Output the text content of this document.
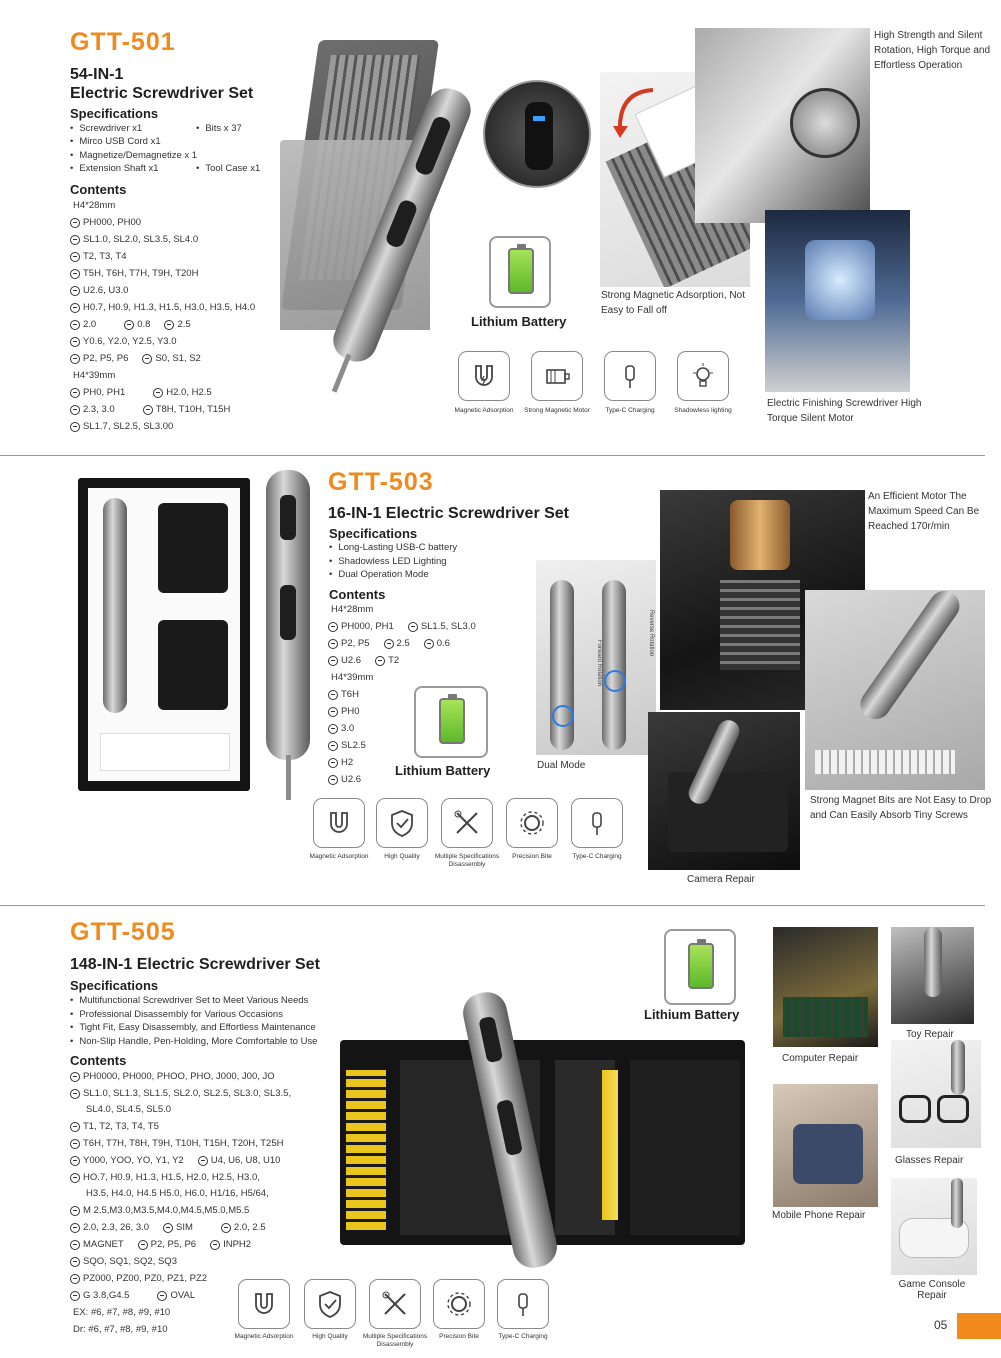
GTT-501
54-IN-1
Electric Screwdriver Set
Specifications
• Screwdriver x1	• Bits x 37
• Mirco USB Cord x1
• Magnetize/Demagnetize x 1
• Extension Shaft x1	• Tool Case x1
Contents
H4*28mm
PH000, PH00
SL1.0, SL2.0, SL3.5, SL4.0
T2, T3, T4
T5H, T6H, T7H, T9H, T20H
U2.6, U3.0
H0.7, H0.9, H1.3, H1.5, H3.0, H3.5, H4.0
2.0	0.8	2.5
Y0.6, Y2.0, Y2.5, Y3.0
P2, P5, P6	S0, S1, S2
H4*39mm
PH0, PH1	H2.0, H2.5
2.3, 3.0	T8H, T10H, T15H
SL1.7, SL2.5, SL3.00
Lithium Battery
Magnetic Adsorption	Strong Magnetic Motor	Type-C Charging	Shadowless lighting
Strong Magnetic Adsorption, Not Easy to Fall off
High Strength and Silent Rotation, High Torque and Effortless Operation
Electric Finishing Screwdriver High Torque Silent Motor
GTT-503
16-IN-1 Electric Screwdriver Set
Specifications
• Long-Lasting USB-C battery
• Shadowless LED Lighting
• Dual Operation Mode
Contents
H4*28mm
PH000, PH1	SL1.5, SL3.0
P2, P5	2.5	0.6
U2.6	T2
H4*39mm
T6H
PH0
3.0
SL2.5
H2
U2.6
Lithium Battery
Magnetic Adsorption	High Quality	Multiple Specifications Disassembly
Precision Bite	Type-C Charging
Forward Rotation
Reverse Rotation
Dual Mode
An Efficient Motor The Maximum Speed Can Be Reached 170r/min
Strong Magnet Bits are Not Easy to Drop and Can Easily Absorb Tiny Screws
Camera Repair
GTT-505
148-IN-1 Electric Screwdriver Set
Specifications
• Multifunctional Screwdriver Set to Meet Various Needs
• Professional Disassembly for Various Occasions
• Tight Fit, Easy Disassembly, and Effortless Maintenance
• Non-Slip Handle, Pen-Holding, More Comfortable to Use
Contents
PH0000, PH000, PHOO, PHO, J000, J00, JO
SL1.0, SL1.3, SL1.5, SL2.0, SL2.5, SL3.0, SL3.5,
SL4.0, SL4.5, SL5.0
T1, T2, T3, T4, T5
T6H, T7H, T8H, T9H, T10H, T15H, T20H, T25H
Y000, YOO, YO, Y1, Y2	U4, U6, U8, U10
HO.7, H0.9, H1.3, H1.5, H2.0, H2.5, H3.0,
H3.5, H4.0, H4.5 H5.0, H6.0, H1/16, H5/64,
M 2.5,M3.0,M3.5,M4.0,M4.5,M5.0,M5.5
2.0, 2.3, 26, 3.0	SIM	2.0, 2.5
MAGNET	P2, P5, P6	INPH2
SQO, SQ1, SQ2, SQ3
PZ000, PZ00, PZ0, PZ1, PZ2
G 3.8,G4.5	OVAL
EX: #6, #7, #8, #9, #10
Dr: #6, #7, #8, #9, #10
Lithium Battery
Magnetic Adsorption	High Quality	Multiple Specifications Disassembly
Precision Bite	Type-C Charging
Computer Repair
Toy Repair
Mobile Phone Repair
Glasses Repair
Game Console Repair
05
